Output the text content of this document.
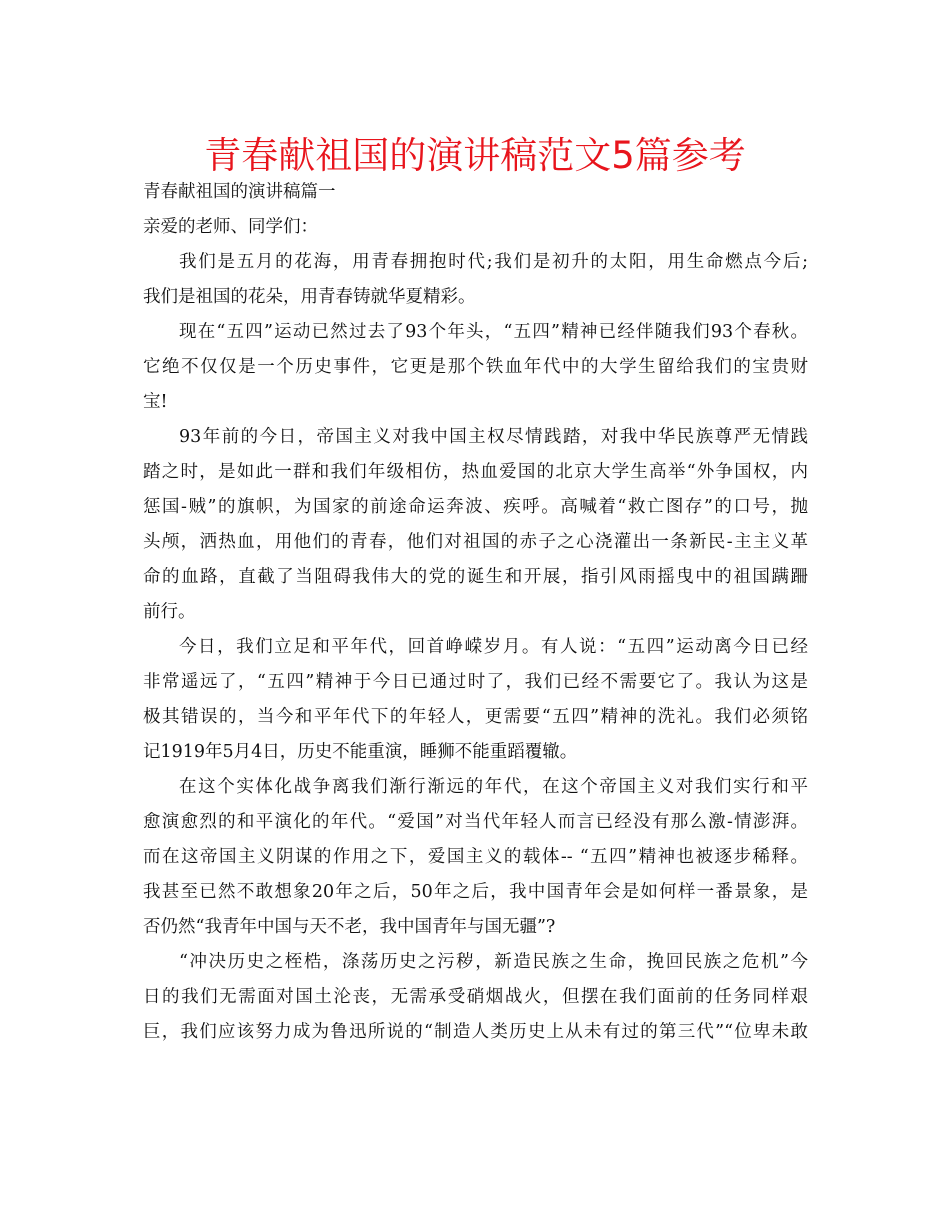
青春献祖国的演讲稿范文5篇参考

青春献祖国的演讲稿篇一

亲爱的老师、同学们：

我们是五月的花海，用青春拥抱时代;我们是初升的太阳，用生命燃点今后;

我们是祖国的花朵，用青春铸就华夏精彩。

现在“五四”运动已然过去了93个年头，“五四”精神已经伴随我们93个春秋。

它绝不仅仅是一个历史事件，它更是那个铁血年代中的大学生留给我们的宝贵财

宝!

93年前的今日，帝国主义对我中国主权尽情践踏，对我中华民族尊严无情践

踏之时，是如此一群和我们年级相仿，热血爱国的北京大学生高举“外争国权，内

惩国-贼”的旗帜，为国家的前途命运奔波、疾呼。高喊着“救亡图存”的口号，抛

头颅，洒热血，用他们的青春，他们对祖国的赤子之心浇灌出一条新民-主主义革

命的血路，直截了当阻碍我伟大的党的诞生和开展，指引风雨摇曳中的祖国蹒跚

前行。

今日，我们立足和平年代，回首峥嵘岁月。有人说：“五四”运动离今日已经

非常遥远了，“五四”精神于今日已通过时了，我们已经不需要它了。我认为这是

极其错误的，当今和平年代下的年轻人，更需要“五四”精神的洗礼。我们必须铭

记1919年5月4日，历史不能重演，睡狮不能重蹈覆辙。

在这个实体化战争离我们渐行渐远的年代，在这个帝国主义对我们实行和平

愈演愈烈的和平演化的年代。“爱国”对当代年轻人而言已经没有那么激-情澎湃。

而在这帝国主义阴谋的作用之下，爱国主义的载体-- “五四”精神也被逐步稀释。

我甚至已然不敢想象20年之后，50年之后，我中国青年会是如何样一番景象，是

否仍然“我青年中国与天不老，我中国青年与国无疆”?

“冲决历史之桎梏，涤荡历史之污秽，新造民族之生命，挽回民族之危机”今

日的我们无需面对国土沦丧，无需承受硝烟战火，但摆在我们面前的任务同样艰

巨，我们应该努力成为鲁迅所说的“制造人类历史上从未有过的第三代”“位卑未敢
